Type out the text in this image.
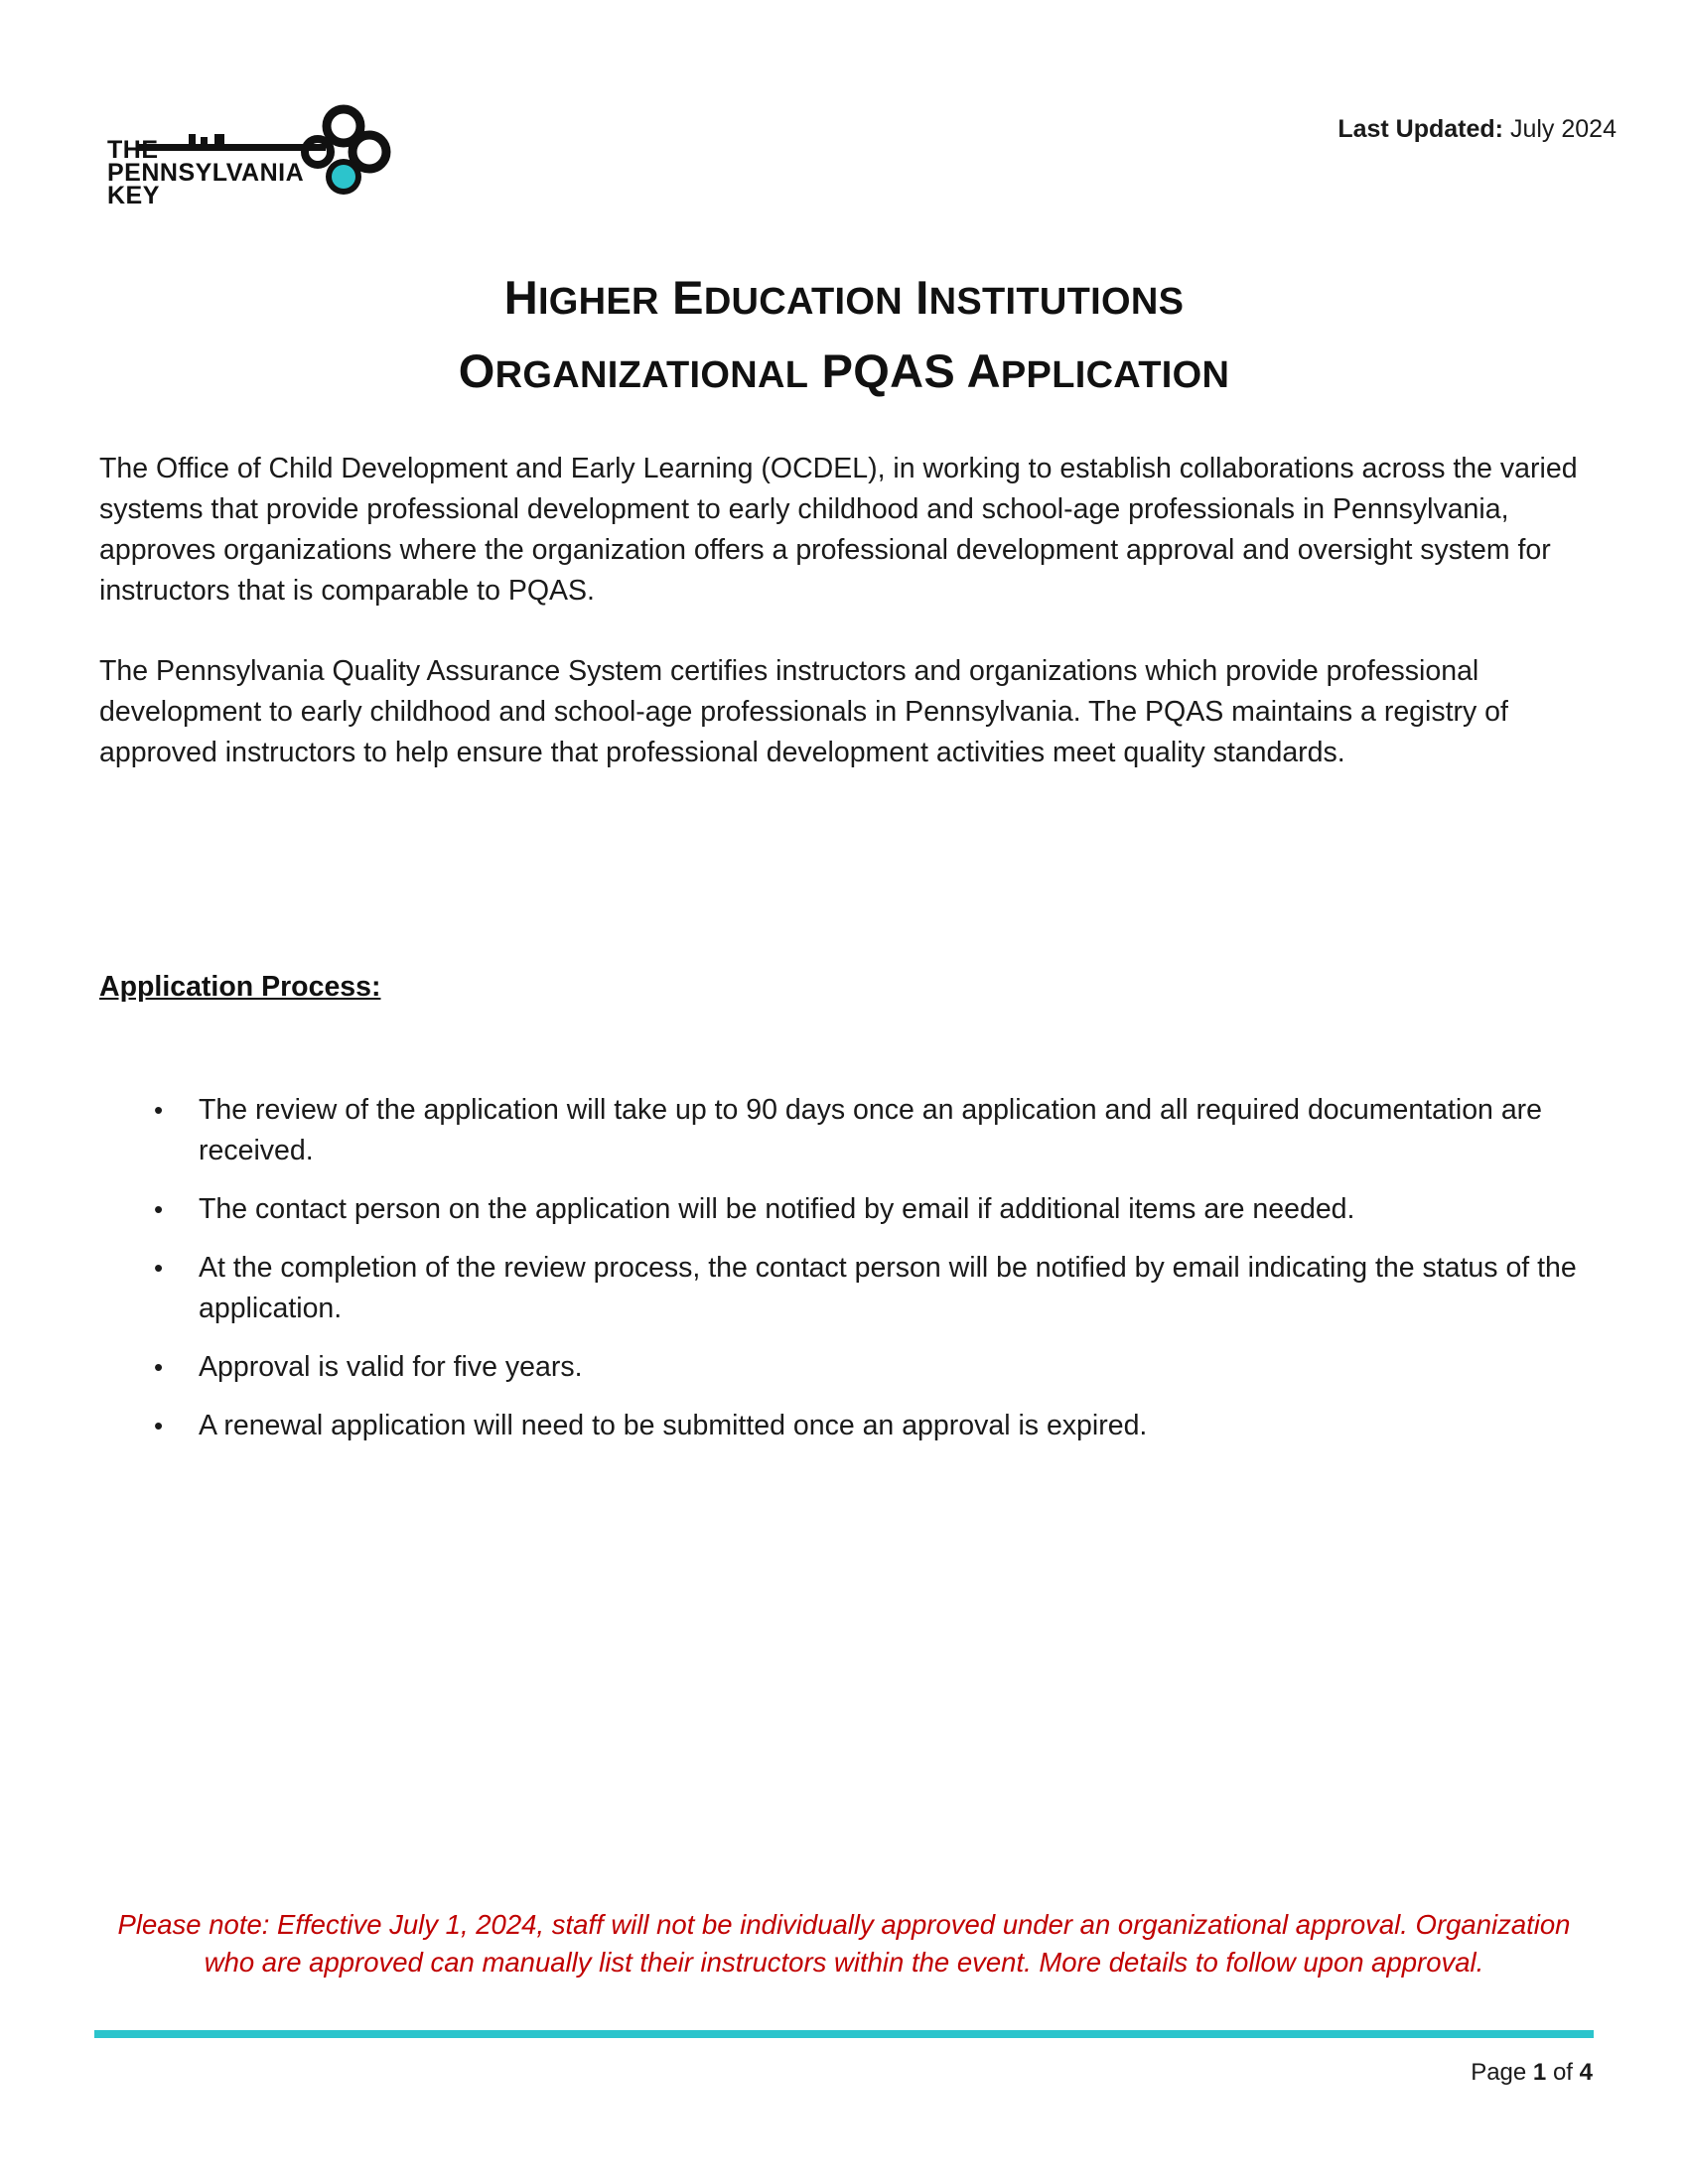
THE
PENNSYLVANIA
KEY
Last Updated: July 2024
HIGHER EDUCATION INSTITUTIONS
ORGANIZATIONAL PQAS APPLICATION
The Office of Child Development and Early Learning (OCDEL), in working to establish collaborations across the varied systems that provide professional development to early childhood and school-age professionals in Pennsylvania, approves organizations where the organization offers a professional development approval and oversight system for instructors that is comparable to PQAS.
The Pennsylvania Quality Assurance System certifies instructors and organizations which provide professional development to early childhood and school-age professionals in Pennsylvania. The PQAS maintains a registry of approved instructors to help ensure that professional development activities meet quality standards.
Application Process:
• The review of the application will take up to 90 days once an application and all required documentation are received.
• The contact person on the application will be notified by email if additional items are needed.
• At the completion of the review process, the contact person will be notified by email indicating the status of the application.
• Approval is valid for five years.
• A renewal application will need to be submitted once an approval is expired.
Please note: Effective July 1, 2024, staff will not be individually approved under an organizational approval. Organization
who are approved can manually list their instructors within the event. More details to follow upon approval.
Page 1 of 4
